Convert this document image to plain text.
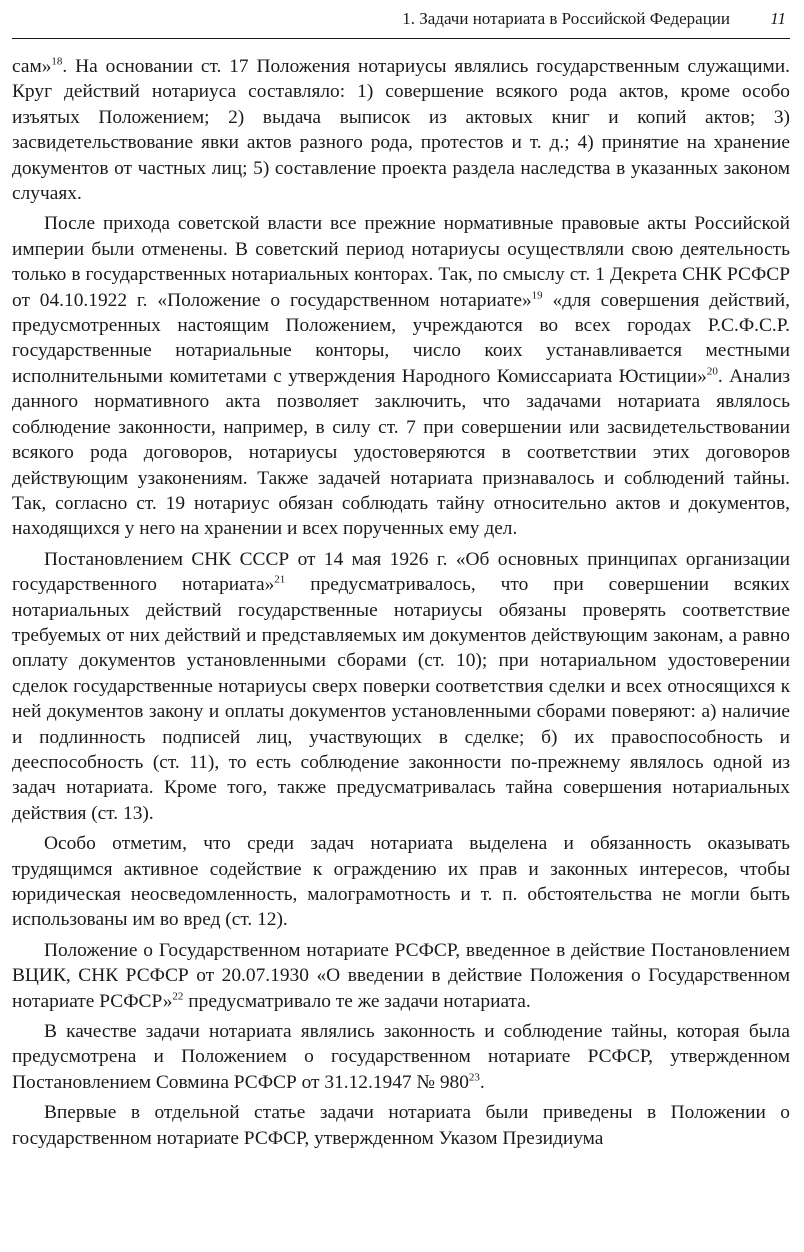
1. Задачи нотариата в Российской Федерации 11

сам»$^{18}$. На основании ст. 17 Положения нотариусы являлись государственным служащими. Круг действий нотариуса составляло: 1) совершение всякого рода актов, кроме особо изъятых Положением; 2) выдача выписок из актовых книг и копий актов; 3) засвидетельствование явки актов разного рода, протестов и т. д.; 4) принятие на хранение документов от частных лиц; 5) составление проекта раздела наследства в указанных законом случаях.

После прихода советской власти все прежние нормативные правовые акты Российской империи были отменены. В советский период нотариусы осуществляли свою деятельность только в государственных нотариальных конторах. Так, по смыслу ст. 1 Декрета СНК РСФСР от 04.10.1922 г. «Положение о государственном нотариате»$^{19}$ «для совершения действий, предусмотренных настоящим Положением, учреждаются во всех городах Р.С.Ф.С.Р. государственные нотариальные конторы, число коих устанавливается местными исполнительными комитетами с утверждения Народного Комиссариата Юстиции»$^{20}$. Анализ данного нормативного акта позволяет заключить, что задачами нотариата являлось соблюдение законности, например, в силу ст. 7 при совершении или засвидетельствовании всякого рода договоров, нотариусы удостоверяются в соответствии этих договоров действующим узаконениям. Также задачей нотариата признавалось и соблюдений тайны. Так, согласно ст. 19 нотариус обязан соблюдать тайну относительно актов и документов, находящихся у него на хранении и всех порученных ему дел.

Постановлением СНК СССР от 14 мая 1926 г. «Об основных принципах организации государственного нотариата»$^{21}$ предусматривалось, что при совершении всяких нотариальных действий государственные нотариусы обязаны проверять соответствие требуемых от них действий и представляемых им документов действующим законам, а равно оплату документов установленными сборами (ст. 10); при нотариальном удостоверении сделок государственные нотариусы сверх поверки соответствия сделки и всех относящихся к ней документов закону и оплаты документов установленными сборами поверяют: а) наличие и подлинность подписей лиц, участвующих в сделке; б) их правоспособность и дееспособность (ст. 11), то есть соблюдение законности по-прежнему являлось одной из задач нотариата. Кроме того, также предусматривалась тайна совершения нотариальных действия (ст. 13).

Особо отметим, что среди задач нотариата выделена и обязанность оказывать трудящимся активное содействие к ограждению их прав и законных интересов, чтобы юридическая неосведомленность, малограмотность и т. п. обстоятельства не могли быть использованы им во вред (ст. 12).

Положение о Государственном нотариате РСФСР, введенное в действие Постановлением ВЦИК, СНК РСФСР от 20.07.1930 «О введении в действие Положения о Государственном нотариате РСФСР»$^{22}$ предусматривало те же задачи нотариата.

В качестве задачи нотариата являлись законность и соблюдение тайны, которая была предусмотрена и Положением о государственном нотариате РСФСР, утвержденном Постановлением Совмина РСФСР от 31.12.1947 № $980^{23}$.

Впервые в отдельной статье задачи нотариата были приведены в Положении о государственном нотариате РСФСР, утвержденном Указом Президиума
